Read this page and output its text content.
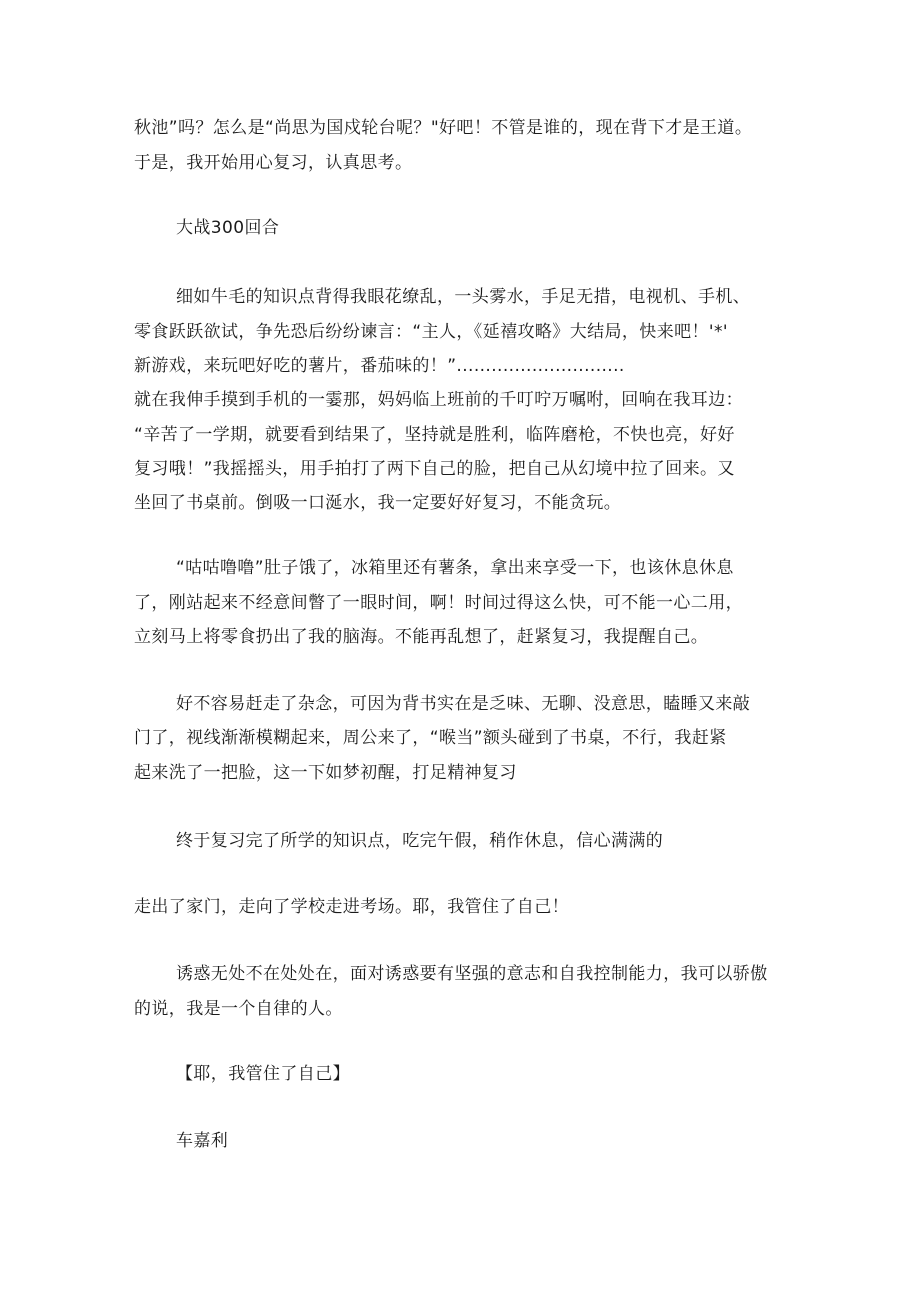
秋池”吗？怎么是“尚思为国戍轮台呢？"好吧！不管是谁的，现在背下才是王道。
于是，我开始用心复习，认真思考。
大战300回合
细如牛毛的知识点背得我眼花缭乱，一头雾水，手足无措，电视机、手机、
零食跃跃欲试，争先恐后纷纷谏言：“主人，《延禧攻略》大结局，快来吧！'*'
新游戏，来玩吧好吃的薯片，番茄味的！”.............................
就在我伸手摸到手机的一霎那，妈妈临上班前的千叮咛万嘱咐，回响在我耳边：
“辛苦了一学期，就要看到结果了，坚持就是胜利，临阵磨枪，不快也亮，好好
复习哦！”我摇摇头，用手拍打了两下自己的脸，把自己从幻境中拉了回来。又
坐回了书桌前。倒吸一口涎水，我一定要好好复习，不能贪玩。
“咕咕噜噜”肚子饿了，冰箱里还有薯条，拿出来享受一下，也该休息休息
了，刚站起来不经意间瞥了一眼时间，啊！时间过得这么快，可不能一心二用，
立刻马上将零食扔出了我的脑海。不能再乱想了，赶紧复习，我提醒自己。
好不容易赶走了杂念，可因为背书实在是乏味、无聊、没意思，瞌睡又来敲
门了，视线渐渐模糊起来，周公来了，“喉当”额头碰到了书桌，不行，我赶紧
起来洗了一把脸，这一下如梦初醒，打足精神复习
终于复习完了所学的知识点，吃完午假，稍作休息，信心满满的
走出了家门，走向了学校走进考场。耶，我管住了自己！
诱惑无处不在处处在，面对诱惑要有坚强的意志和自我控制能力，我可以骄傲
的说，我是一个自律的人。
【耶，我管住了自己】
车嘉利
